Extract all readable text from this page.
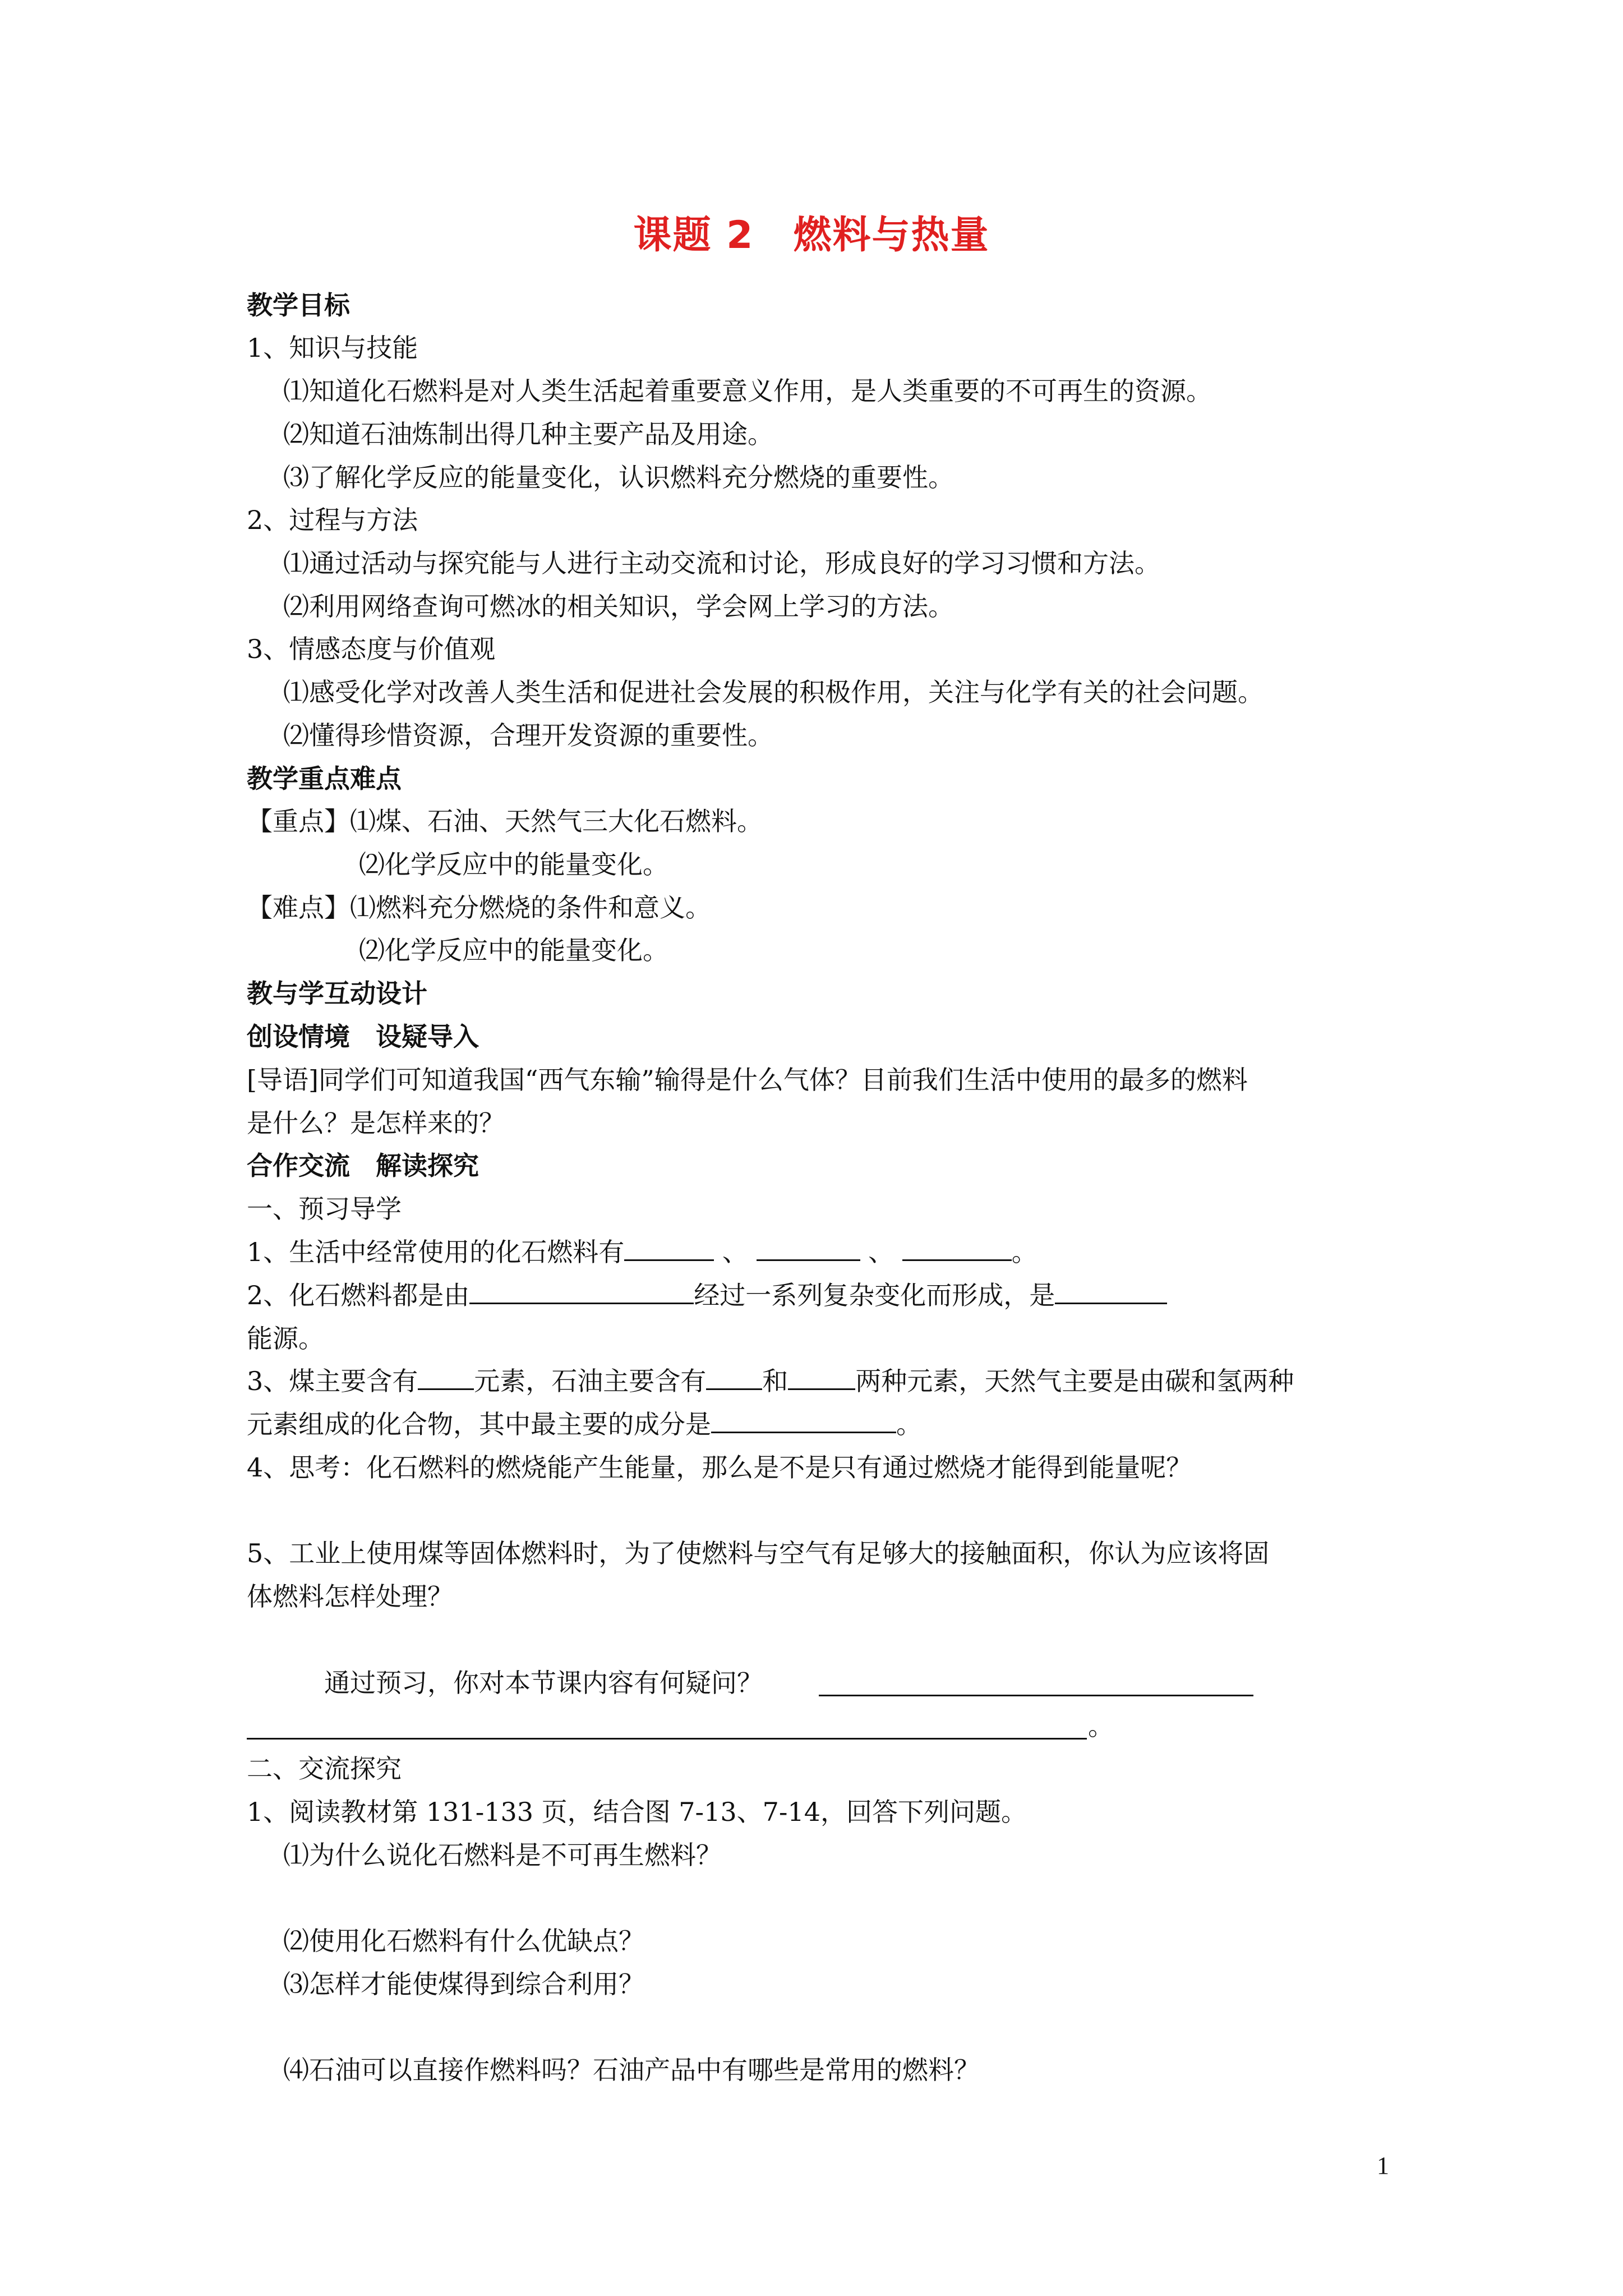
课题 2　燃料与热量
教学目标
1、知识与技能
⑴知道化石燃料是对人类生活起着重要意义作用，是人类重要的不可再生的资源。
⑵知道石油炼制出得几种主要产品及用途。
⑶了解化学反应的能量变化，认识燃料充分燃烧的重要性。
2、过程与方法
⑴通过活动与探究能与人进行主动交流和讨论，形成良好的学习习惯和方法。
⑵利用网络查询可燃冰的相关知识，学会网上学习的方法。
3、情感态度与价值观
⑴感受化学对改善人类生活和促进社会发展的积极作用，关注与化学有关的社会问题。
⑵懂得珍惜资源，合理开发资源的重要性。
教学重点难点
【重点】⑴煤、石油、天然气三大化石燃料。
⑵化学反应中的能量变化。
【难点】⑴燃料充分燃烧的条件和意义。
⑵化学反应中的能量变化。
教与学互动设计
创设情境　设疑导入
[导语]同学们可知道我国“西气东输”输得是什么气体？目前我们生活中使用的最多的燃料
是什么？是怎样来的？
合作交流　解读探究
一、预习导学
1、生活中经常使用的化石燃料有	、	、	。
2、化石燃料都是由	经过一系列复杂变化而形成，是
能源。
3、煤主要含有 元素，石油主要含有 和	两种元素，天然气主要是由碳和氢两种
元素组成的化合物，其中最主要的成分是	。
4、思考：化石燃料的燃烧能产生能量，那么是不是只有通过燃烧才能得到能量呢？
5、工业上使用煤等固体燃料时，为了使燃料与空气有足够大的接触面积，你认为应该将固
体燃料怎样处理？
通过预习，你对本节课内容有何疑问？
。
二、交流探究
1、阅读教材第 131-133 页，结合图 7-13、7-14，回答下列问题。
⑴为什么说化石燃料是不可再生燃料？
⑵使用化石燃料有什么优缺点？
⑶怎样才能使煤得到综合利用？
⑷石油可以直接作燃料吗？石油产品中有哪些是常用的燃料？
1
